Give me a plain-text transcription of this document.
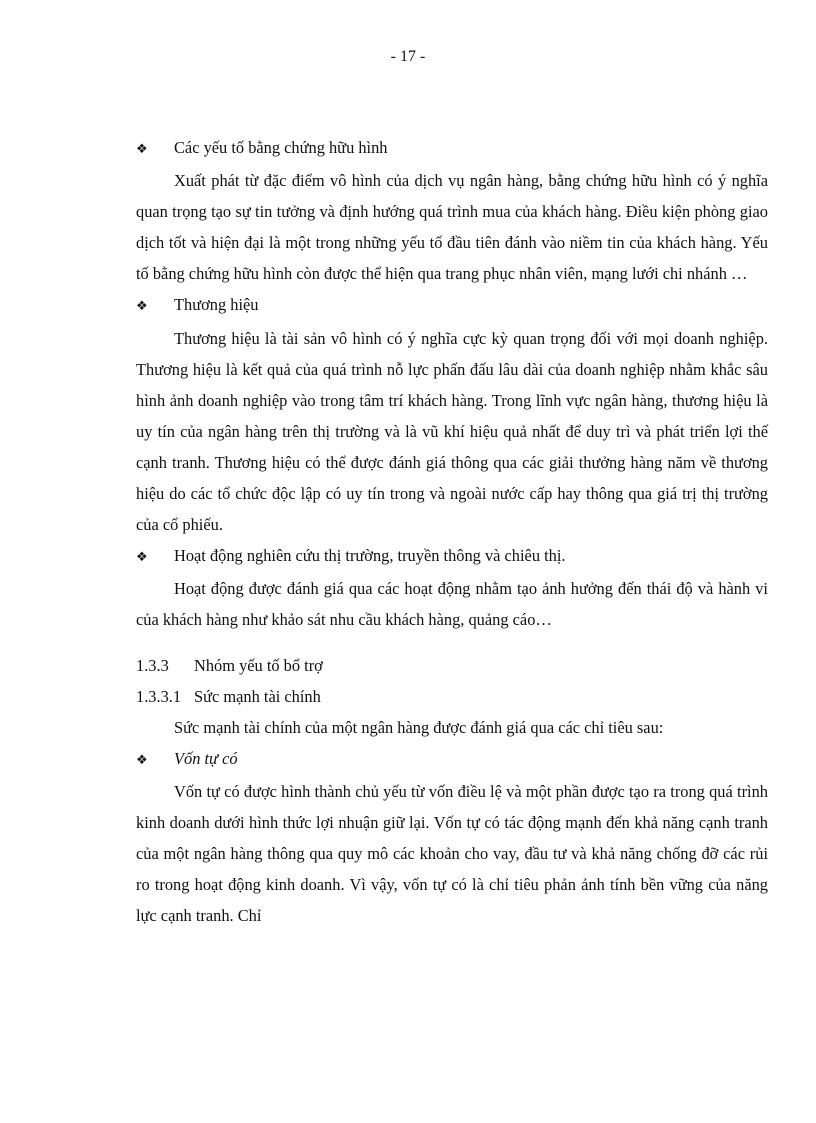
- 17 -
❖	Các yếu tố bằng chứng hữu hình

Xuất phát từ đặc điểm vô hình của dịch vụ ngân hàng, bằng chứng hữu hình có ý nghĩa quan trọng tạo sự tin tưởng và định hướng quá trình mua của khách hàng. Điều kiện phòng giao dịch tốt và hiện đại là một trong những yếu tố đầu tiên đánh vào niềm tin của khách hàng. Yếu tố bằng chứng hữu hình còn được thể hiện qua trang phục nhân viên, mạng lưới chi nhánh …

❖	Thương hiệu

Thương hiệu là tài sản vô hình có ý nghĩa cực kỳ quan trọng đối với mọi doanh nghiệp. Thương hiệu là kết quả của quá trình nỗ lực phấn đấu lâu dài của doanh nghiệp nhằm khắc sâu hình ảnh doanh nghiệp vào trong tâm trí khách hàng. Trong lĩnh vực ngân hàng, thương hiệu là uy tín của ngân hàng trên thị trường và là vũ khí hiệu quả nhất để duy trì và phát triển lợi thế cạnh tranh. Thương hiệu có thể được đánh giá thông qua các giải thưởng hàng năm về thương hiệu do các tổ chức độc lập có uy tín trong và ngoài nước cấp hay thông qua giá trị thị trường của cổ phiếu.

❖	Hoạt động nghiên cứu thị trường, truyền thông và chiêu thị.

Hoạt động được đánh giá qua các hoạt động nhằm tạo ảnh hưởng đến thái độ và hành vi của khách hàng như khảo sát nhu cầu khách hàng, quảng cáo…

1.3.3	Nhóm yếu tố bổ trợ
1.3.3.1 Sức mạnh tài chính

Sức mạnh tài chính của một ngân hàng được đánh giá qua các chỉ tiêu sau:

❖	Vốn tự có

Vốn tự có được hình thành chủ yếu từ vốn điều lệ và một phần được tạo ra trong quá trình kinh doanh dưới hình thức lợi nhuận giữ lại. Vốn tự có tác động mạnh đến khả năng cạnh tranh của một ngân hàng thông qua quy mô các khoản cho vay, đầu tư và khả năng chống đỡ các rủi ro trong hoạt động kinh doanh. Vì vậy, vốn tự có là chỉ tiêu phản ảnh tính bền vững của năng lực cạnh tranh. Chỉ
